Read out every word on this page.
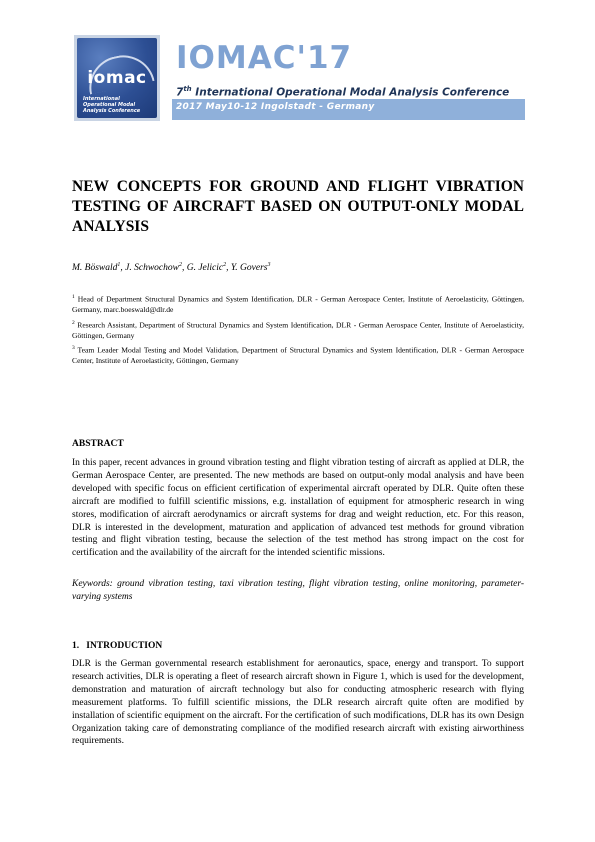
iomac
International Operational Modal Analysis Conference
IOMAC'17
7th International Operational Modal Analysis Conference
2017 May10-12 Ingolstadt - Germany
NEW CONCEPTS FOR GROUND AND FLIGHT VIBRATION TESTING OF AIRCRAFT BASED ON OUTPUT-ONLY MODAL ANALYSIS
M. Böswald$^1$, J. Schwochow$^2$, G. Jelicic$^2$, Y. Govers$^3$
$^1$ Head of Department Structural Dynamics and System Identification, DLR - German Aerospace Center, Institute of Aeroelasticity, Göttingen, Germany, marc.boeswald@dlr.de
$^2$ Research Assistant, Department of Structural Dynamics and System Identification, DLR - German Aerospace Center, Institute of Aeroelasticity, Göttingen, Germany
$^3$ Team Leader Modal Testing and Model Validation, Department of Structural Dynamics and System Identification, DLR - German Aerospace Center, Institute of Aeroelasticity, Göttingen, Germany
ABSTRACT
In this paper, recent advances in ground vibration testing and flight vibration testing of aircraft as applied at DLR, the German Aerospace Center, are presented. The new methods are based on output-only modal analysis and have been developed with specific focus on efficient certification of experimental aircraft operated by DLR. Quite often these aircraft are modified to fulfill scientific missions, e.g. installation of equipment for atmospheric research in wing stores, modification of aircraft aerodynamics or aircraft systems for drag and weight reduction, etc. For this reason, DLR is interested in the development, maturation and application of advanced test methods for ground vibration testing and flight vibration testing, because the selection of the test method has strong impact on the cost for certification and the availability of the aircraft for the intended scientific missions.
Keywords: ground vibration testing, taxi vibration testing, flight vibration testing, online monitoring, parameter-varying systems
1.   INTRODUCTION
DLR is the German governmental research establishment for aeronautics, space, energy and transport. To support research activities, DLR is operating a fleet of research aircraft shown in Figure 1, which is used for the development, demonstration and maturation of aircraft technology but also for conducting atmospheric research with flying measurement platforms. To fulfill scientific missions, the DLR research aircraft quite often are modified by installation of scientific equipment on the aircraft. For the certification of such modifications, DLR has its own Design Organization taking care of demonstrating compliance of the modified research aircraft with existing airworthiness requirements.
